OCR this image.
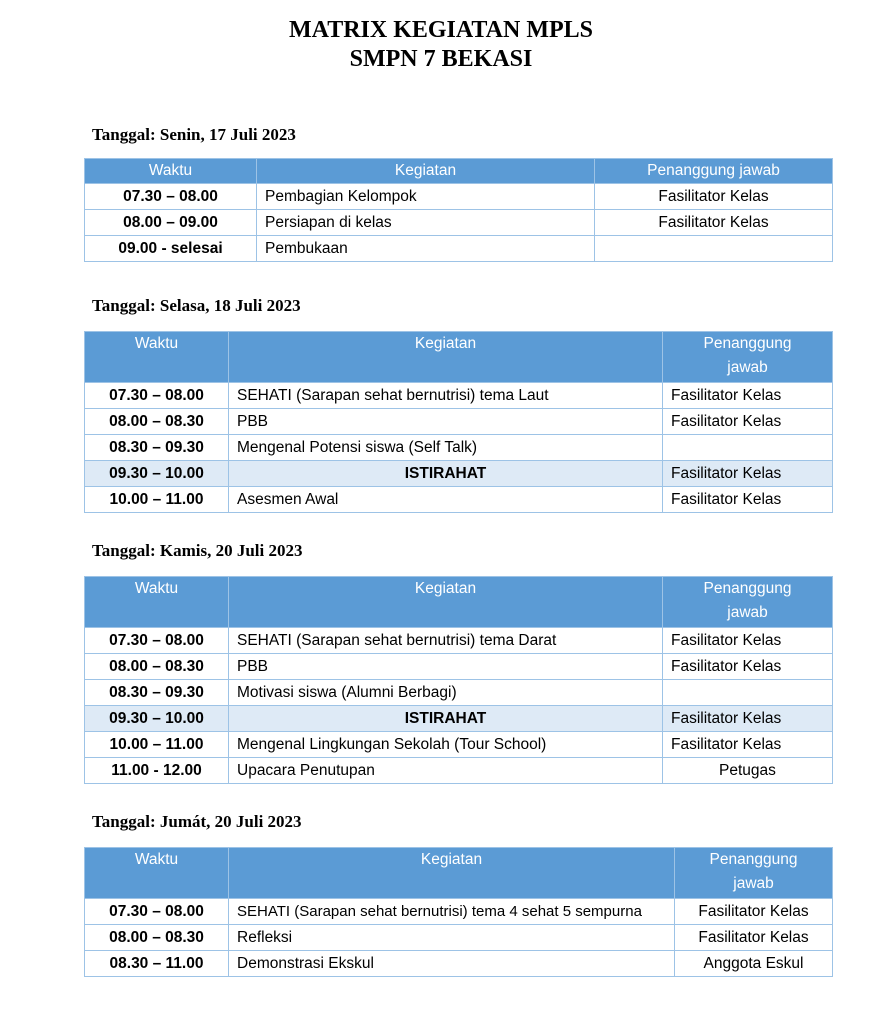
MATRIX KEGIATAN MPLS
SMPN 7 BEKASI
Tanggal: Senin, 17 Juli 2023
Waktu	Kegiatan	Penanggung jawab
07.30 – 08.00	Pembagian Kelompok	Fasilitator Kelas
08.00 – 09.00	Persiapan di kelas	Fasilitator Kelas
09.00 - selesai	Pembukaan	
Tanggal: Selasa, 18 Juli 2023
Waktu	Kegiatan	Penanggung
jawab
07.30 – 08.00	SEHATI (Sarapan sehat bernutrisi) tema Laut	Fasilitator Kelas
08.00 – 08.30	PBB	Fasilitator Kelas
08.30 – 09.30	Mengenal Potensi siswa (Self Talk)	
09.30 – 10.00	ISTIRAHAT	Fasilitator Kelas
10.00 – 11.00	Asesmen Awal	Fasilitator Kelas
Tanggal: Kamis, 20 Juli 2023
Waktu	Kegiatan	Penanggung
jawab
07.30 – 08.00	SEHATI (Sarapan sehat bernutrisi) tema Darat	Fasilitator Kelas
08.00 – 08.30	PBB	Fasilitator Kelas
08.30 – 09.30	Motivasi siswa (Alumni Berbagi)	
09.30 – 10.00	ISTIRAHAT	Fasilitator Kelas
10.00 – 11.00	Mengenal Lingkungan Sekolah (Tour School)	Fasilitator Kelas
11.00 - 12.00	Upacara Penutupan	Petugas
Tanggal: Jumát, 20 Juli 2023
Waktu	Kegiatan	Penanggung
jawab
07.30 – 08.00	SEHATI (Sarapan sehat bernutrisi) tema 4 sehat 5 sempurna	Fasilitator Kelas
08.00 – 08.30	Refleksi	Fasilitator Kelas
08.30 – 11.00	Demonstrasi Ekskul	Anggota Eskul
